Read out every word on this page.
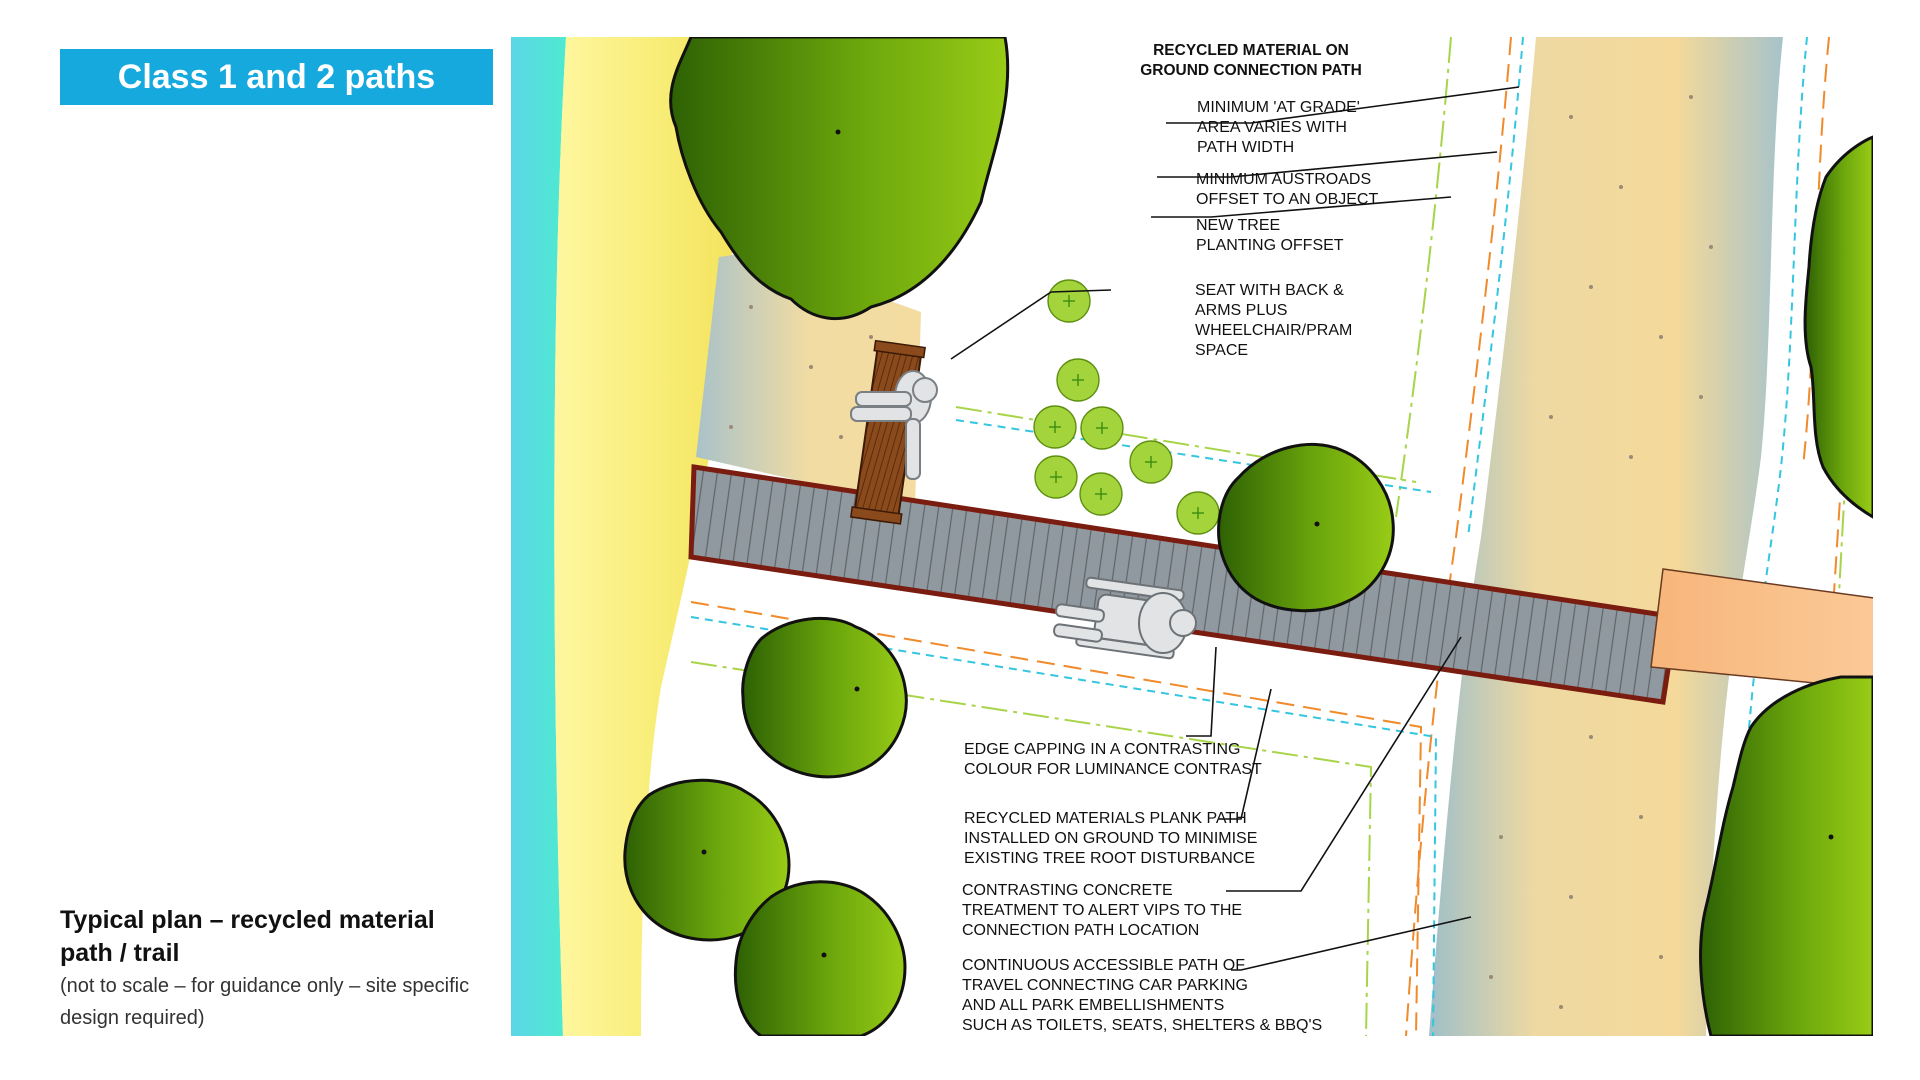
Class 1 and 2 paths
Typical plan – recycled material path / trail
(not to scale – for guidance only – site specific design required)
RECYCLED MATERIAL ON
GROUND CONNECTION PATH
MINIMUM 'AT GRADE'
AREA VARIES WITH
PATH WIDTH
MINIMUM AUSTROADS
OFFSET TO AN OBJECT
NEW TREE
PLANTING OFFSET
SEAT WITH BACK &
ARMS PLUS
WHEELCHAIR/PRAM
SPACE
EDGE CAPPING IN A CONTRASTING
COLOUR FOR LUMINANCE CONTRAST
RECYCLED MATERIALS PLANK PATH
INSTALLED ON GROUND TO MINIMISE
EXISTING TREE ROOT DISTURBANCE
CONTRASTING CONCRETE
TREATMENT TO ALERT VIPS TO THE
CONNECTION PATH LOCATION
CONTINUOUS ACCESSIBLE PATH OF
TRAVEL CONNECTING CAR PARKING
AND ALL PARK EMBELLISHMENTS
SUCH AS TOILETS, SEATS, SHELTERS & BBQ'S
